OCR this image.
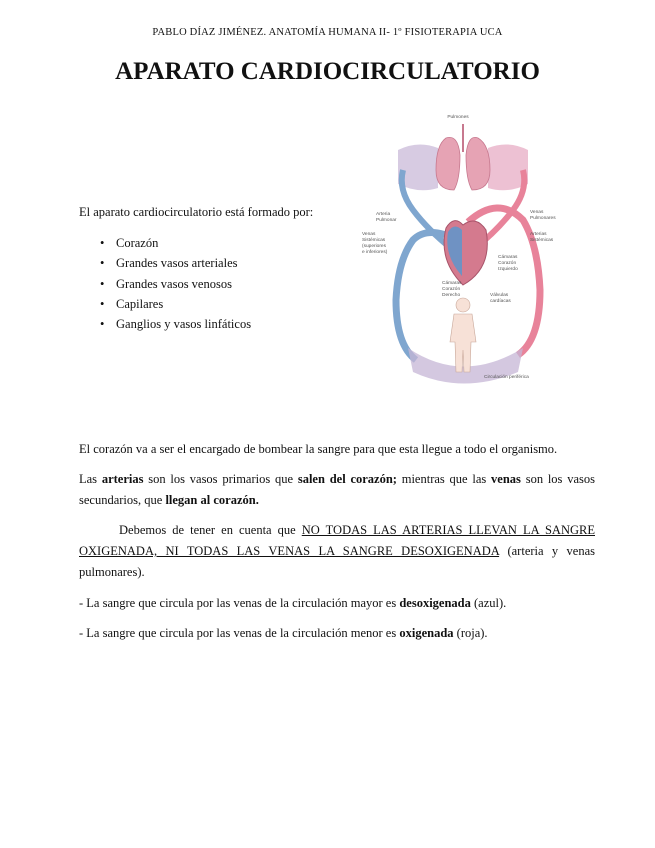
PABLO DÍAZ JIMÉNEZ. ANATOMÍA HUMANA II- 1º FISIOTERAPIA UCA
APARATO CARDIOCIRCULATORIO

El aparato cardiocirculatorio está formado por:

• Corazón
• Grandes vasos arteriales
• Grandes vasos venosos
• Capilares
• Ganglios y vasos linfáticos
Pulmones
Arteria
Pulmonar
Venas
Pulmonares
Arterias
Sistémicas
Venas
Sistémicas
(superiores
e inferiores)
Cámaras
Corazón
Izquierdo
Cámaras
Corazón
Derecho	Válvulas
cardíacas
Circulación periférica

El corazón va a ser el encargado de bombear la sangre para que esta llegue a todo el organismo.

Las arterias son los vasos primarios que salen del corazón; mientras que las venas son los vasos secundarios, que llegan al corazón.

Debemos de tener en cuenta que NO TODAS LAS ARTERIAS LLEVAN LA SANGRE OXIGENADA, NI TODAS LAS VENAS LA SANGRE DESOXIGENADA (arteria y venas pulmonares).

- La sangre que circula por las venas de la circulación mayor es desoxigenada (azul).

- La sangre que circula por las venas de la circulación menor es oxigenada (roja).
